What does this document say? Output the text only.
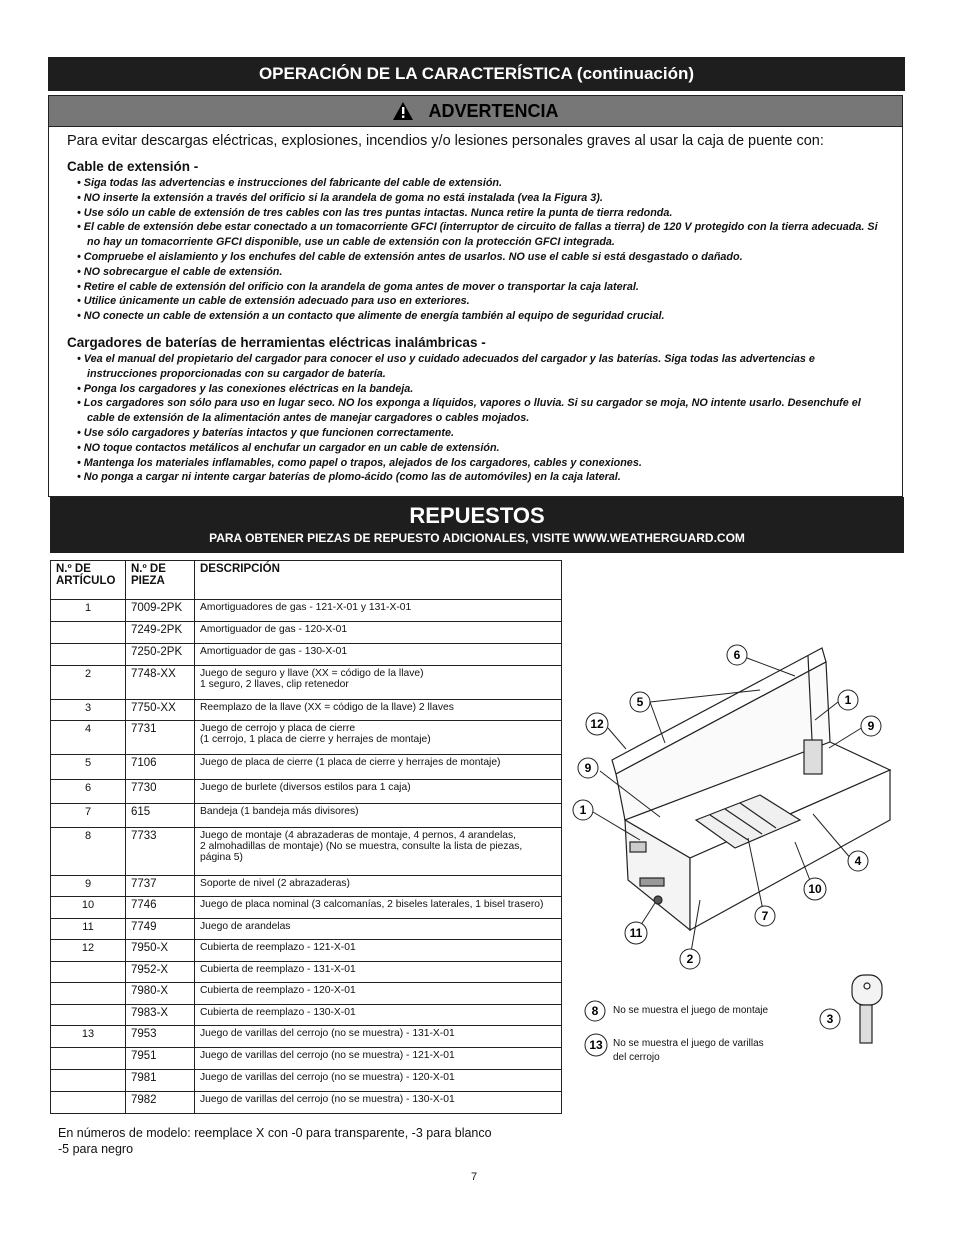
OPERACIÓN DE LA CARACTERÍSTICA (continuación)
ADVERTENCIA
Para evitar descargas eléctricas, explosiones, incendios y/o lesiones personales graves al usar la caja de puente con:
Cable de extensión -
• Siga todas las advertencias e instrucciones del fabricante del cable de extensión.
• NO inserte la extensión a través del orificio si la arandela de goma no está instalada (vea la Figura 3).
• Use sólo un cable de extensión de tres cables con las tres puntas intactas. Nunca retire la punta de tierra redonda.
• El cable de extensión debe estar conectado a un tomacorriente GFCI (interruptor de circuito de fallas a tierra) de 120 V protegido con la tierra adecuada. Si no hay un tomacorriente GFCI disponible, use un cable de extensión con la protección GFCI integrada.
• Compruebe el aislamiento y los enchufes del cable de extensión antes de usarlos. NO use el cable si está desgastado o dañado.
• NO sobrecargue el cable de extensión.
• Retire el cable de extensión del orificio con la arandela de goma antes de mover o transportar la caja lateral.
• Utilice únicamente un cable de extensión adecuado para uso en exteriores.
• NO conecte un cable de extensión a un contacto que alimente de energía también al equipo de seguridad crucial.
Cargadores de baterías de herramientas eléctricas inalámbricas -
• Vea el manual del propietario del cargador para conocer el uso y cuidado adecuados del cargador y las baterías. Siga todas las advertencias e instrucciones proporcionadas con su cargador de batería.
• Ponga los cargadores y las conexiones eléctricas en la bandeja.
• Los cargadores son sólo para uso en lugar seco. NO los exponga a líquidos, vapores o lluvia. Si su cargador se moja, NO intente usarlo. Desenchufe el cable de extensión de la alimentación antes de manejar cargadores o cables mojados.
• Use sólo cargadores y baterías intactos y que funcionen correctamente.
• NO toque contactos metálicos al enchufar un cargador en un cable de extensión.
• Mantenga los materiales inflamables, como papel o trapos, alejados de los cargadores, cables y conexiones.
• No ponga a cargar ni intente cargar baterías de plomo-ácido (como las de automóviles) en la caja lateral.
REPUESTOS
PARA OBTENER PIEZAS DE REPUESTO ADICIONALES, VISITE WWW.WEATHERGUARD.COM
N.º DE ARTÍCULO	N.º DE PIEZA	DESCRIPCIÓN
1	7009-2PK	Amortiguadores de gas - 121-X-01 y 131-X-01
	7249-2PK	Amortiguador de gas - 120-X-01
	7250-2PK	Amortiguador de gas - 130-X-01
2	7748-XX	Juego de seguro y llave (XX = código de la llave)
1 seguro, 2 llaves, clip retenedor
3	7750-XX	Reemplazo de la llave (XX = código de la llave) 2 llaves
4	7731	Juego de cerrojo y placa de cierre
(1 cerrojo, 1 placa de cierre y herrajes de montaje)
5	7106	Juego de placa de cierre (1 placa de cierre y herrajes de montaje)
6	7730	Juego de burlete (diversos estilos para 1 caja)
7	615	Bandeja (1 bandeja más divisores)
8	7733	Juego de montaje (4 abrazaderas de montaje, 4 pernos, 4 arandelas,
2 almohadillas de montaje) (No se muestra, consulte la lista de piezas,
página 5)
9	7737	Soporte de nivel (2 abrazaderas)
10	7746	Juego de placa nominal (3 calcomanías, 2 biseles laterales, 1 bisel trasero)
11	7749	Juego de arandelas
12	7950-X	Cubierta de reemplazo - 121-X-01
	7952-X	Cubierta de reemplazo - 131-X-01
	7980-X	Cubierta de reemplazo - 120-X-01
	7983-X	Cubierta de reemplazo - 130-X-01
13	7953	Juego de varillas del cerrojo (no se muestra) - 131-X-01
	7951	Juego de varillas del cerrojo (no se muestra) - 121-X-01
	7981	Juego de varillas del cerrojo (no se muestra) - 120-X-01
	7982	Juego de varillas del cerrojo (no se muestra) - 130-X-01
En números de modelo: reemplace X con -0 para transparente, -3 para blanco
-5 para negro
7
6
5	1
12
9
9
1
4
10
7
11
2
3
8
13
No se muestra el juego de montaje
No se muestra el juego de varillas
del cerrojo
